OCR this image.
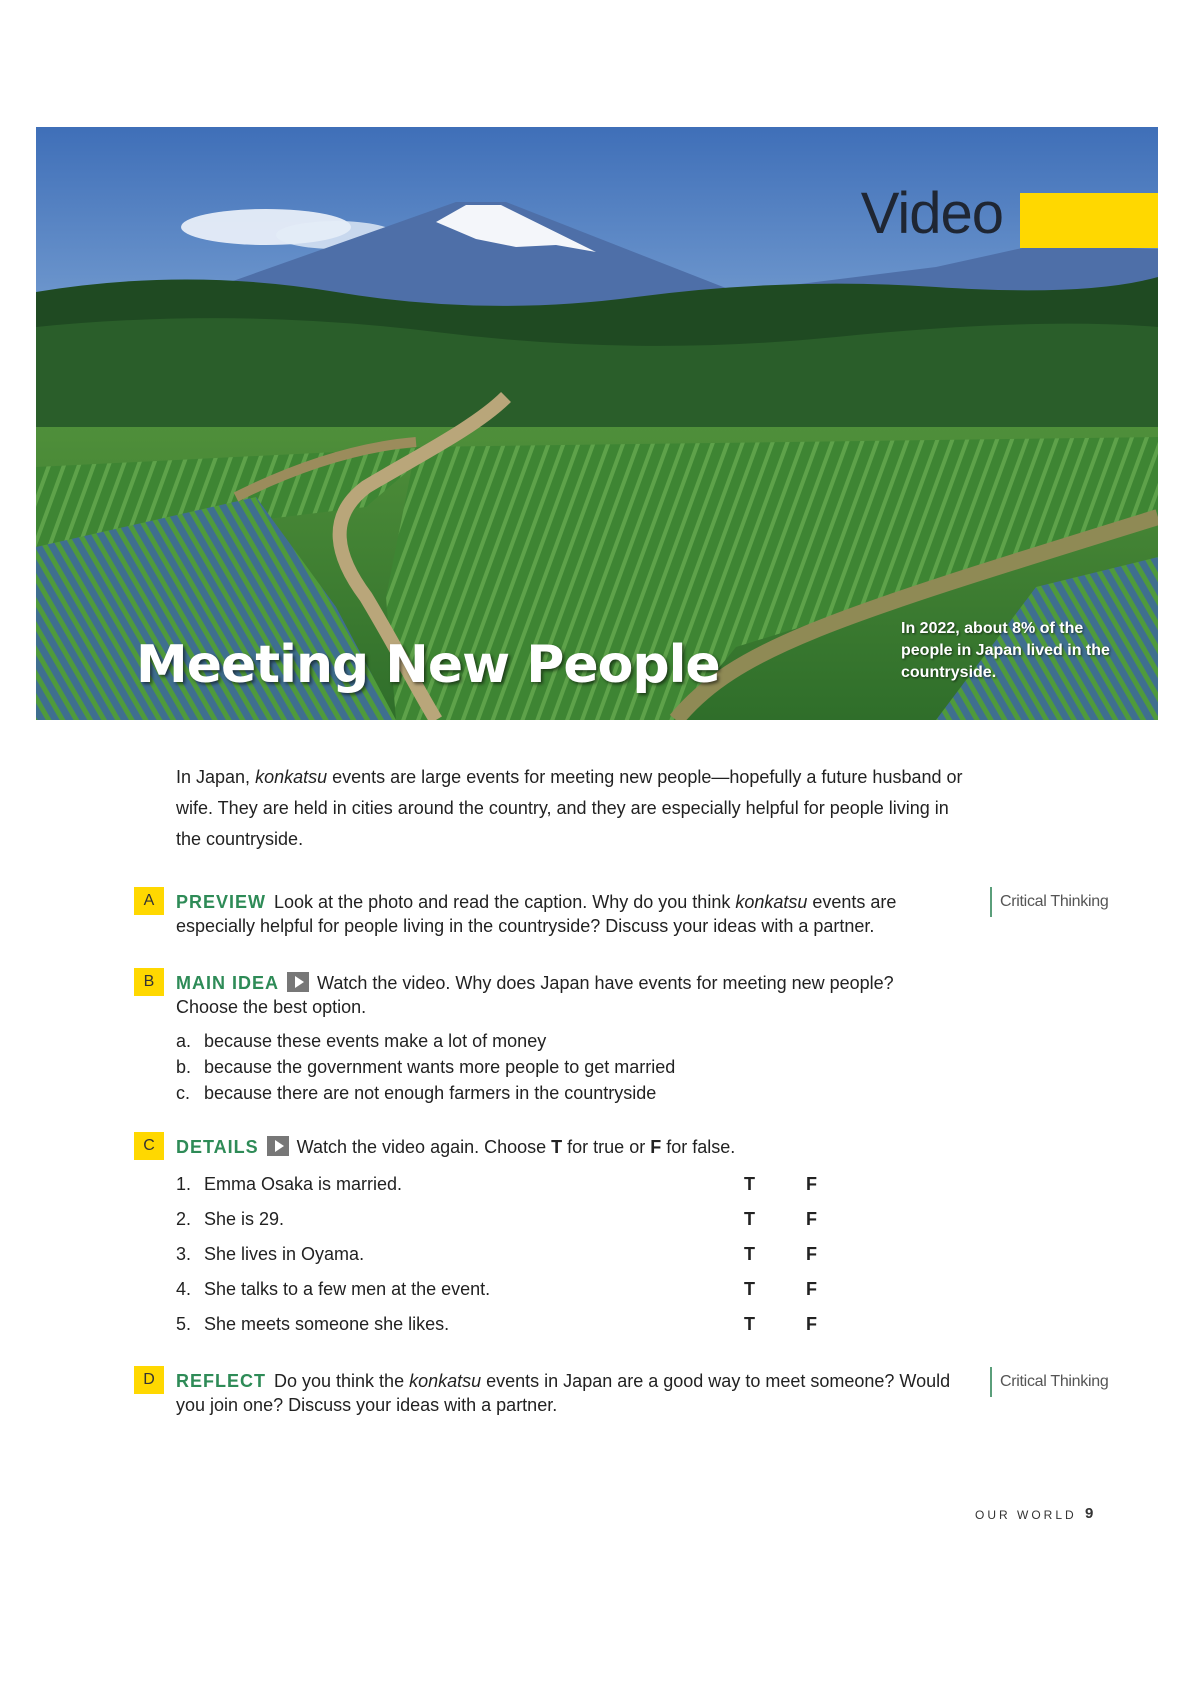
Video
Meeting New People
In 2022, about 8% of the people in Japan lived in the countryside.
In Japan, konkatsu events are large events for meeting new people—hopefully a future husband or wife. They are held in cities around the country, and they are especially helpful for people living in the countryside.
A	PREVIEW Look at the photo and read the caption. Why do you think konkatsu events are especially helpful for people living in the countryside? Discuss your ideas with a partner.
Critical Thinking
B	MAIN IDEA Watch the video. Why does Japan have events for meeting new people? Choose the best option.
a. because these events make a lot of money
b. because the government wants more people to get married
c. because there are not enough farmers in the countryside
C	DETAILS Watch the video again. Choose T for true or F for false.
1. Emma Osaka is married.	T	F
2. She is 29.	T	F
3. She lives in Oyama.	T	F
4. She talks to a few men at the event.	T	F
5. She meets someone she likes.	T	F
D	REFLECT Do you think the konkatsu events in Japan are a good way to meet someone? Would you join one? Discuss your ideas with a partner.
Critical Thinking
OUR WORLD 9
